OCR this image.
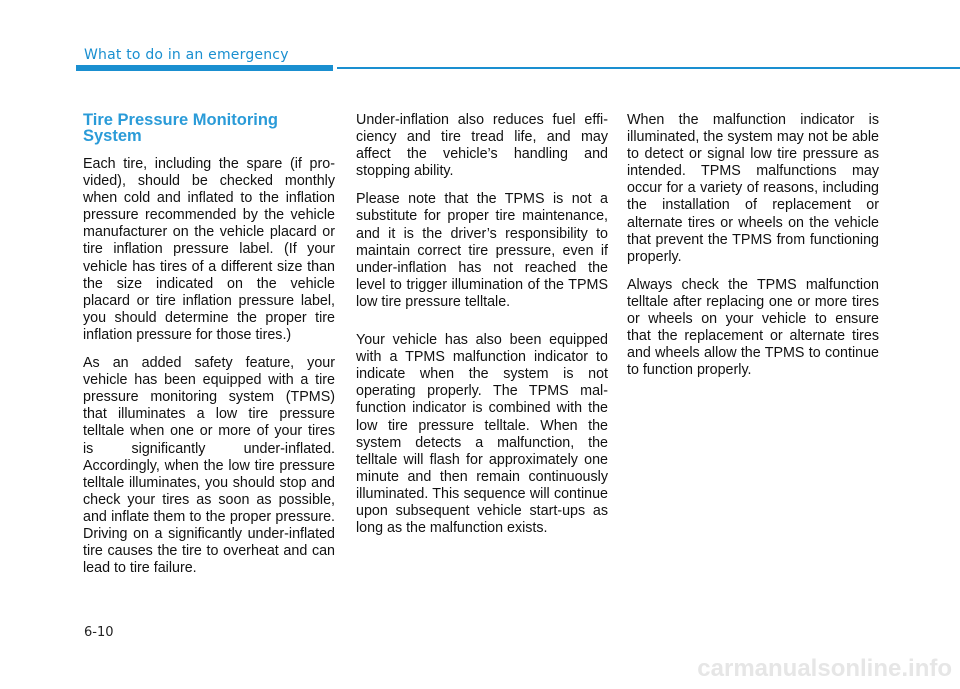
What to do in an emergency
Tire Pressure Monitoring System

Each tire, including the spare (if provided), should be checked monthly when cold and inflated to the inflation pressure recommended by the vehicle manufacturer on the vehicle placard or tire inflation pressure label. (If your vehicle has tires of a different size than the size indicated on the vehicle placard or tire inflation pressure label, you should determine the proper tire inflation pressure for those tires.)

As an added safety feature, your vehicle has been equipped with a tire pressure monitoring system (TPMS) that illuminates a low tire pressure telltale when one or more of your tires is significantly under-inflated. Accordingly, when the low tire pressure telltale illuminates, you should stop and check your tires as soon as possible, and inflate them to the proper pressure. Driving on a significantly under-inflated tire causes the tire to overheat and can lead to tire failure.

Under-inflation also reduces fuel efficiency and tire tread life, and may affect the vehicle’s handling and stopping ability.

Please note that the TPMS is not a substitute for proper tire maintenance, and it is the driver’s responsibility to maintain correct tire pressure, even if under-inflation has not reached the level to trigger illumination of the TPMS low tire pressure telltale.

Your vehicle has also been equipped with a TPMS malfunction indicator to indicate when the system is not operating properly. The TPMS malfunction indicator is combined with the low tire pressure telltale. When the system detects a malfunction, the telltale will flash for approximately one minute and then remain continuously illuminated. This sequence will continue upon subsequent vehicle start-ups as long as the malfunction exists.

When the malfunction indicator is illuminated, the system may not be able to detect or signal low tire pressure as intended. TPMS malfunctions may occur for a variety of reasons, including the installation of replacement or alternate tires or wheels on the vehicle that prevent the TPMS from functioning properly.

Always check the TPMS malfunction telltale after replacing one or more tires or wheels on your vehicle to ensure that the replacement or alternate tires and wheels allow the TPMS to continue to function properly.

6-10
carmanualsonline.info
